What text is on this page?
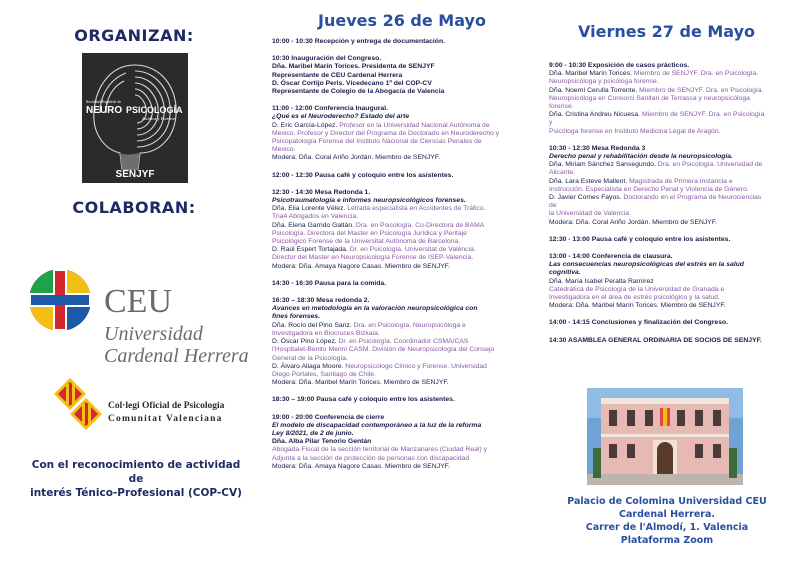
ORGANIZAN:
Sociedad Española de
NEURO PSICOLOGÍA
Jurídica y Forense
SENJYF
COLABORAN:
CEU
Universidad
Cardenal Herrera
Col·legi Oficial de Psicologia
Comunitat Valenciana
Con el reconocimiento de actividad de
interés Ténico-Profesional (COP-CV)
Jueves 26 de Mayo
10:00 - 10:30 Recepción y entrega de documentación.
10:30 Inauguración del Congreso.
Dña. Maribel Marín Torices. Presidenta de SENJYF
Representante de CEU Cardenal Herrera
D. Óscar Cortijo Peris. Vicedecano 1º del COP-CV
Representante de Colegio de la Abogacía de Valencia
11:00 - 12:00 Conferencia Inaugural.
¿Qué es el Neuroderecho? Estado del arte
D. Eric García-López. Profesor en la Universidad Nacional Autónoma de
México. Profesor y Director del Programa de Doctorado en Neuroderecho y
Psicopatología Forense del Instituto Nacional de Ciencias Penales de
México.
Modera: Dña. Coral Ariño Jordán. Miembro de SENJYF.
12:00 - 12:30 Pausa café y coloquio entre los asistentes.
12:30 - 14:30 Mesa Redonda 1.
Psicotraumatología e informes neuropsicológicos forenses.
Dña. Elia Lorente Vélez. Letrada especialista en Accidentes de Tráfico.
Tria4 Abogados en Valencia.
Dña. Elena Garrido Galtán. Dra. en Psicología. Co-Directora de BAMA
Psicología. Directora del Master en Psicología Jurídica y Peritaje
Psicológico Forense de la Universitat Autònoma de Barcelona.
D. Raúl Espert Tortajada. Dr. en Psicología. Universitat de València.
Director del Master en Neuropsicología Forense de ISEP-Valencia.
Modera: Dña. Amaya Nagore Casas. Miembro de SENJYF.
14:30 - 16:30 Pausa para la comida.
16:30 – 18:30 Mesa redonda 2.
Avances en metodología en la valoración neuropsicológica con
fines forenses.
Dña. Rocío del Pino Sanz. Dra. en Psicología. Neuropsicóloga e
Investigadora en Biocruces Bizkaia.
D. Óscar Pino López. Dr. en Psicología. Coordinador CSMA/CAS
l'Hospitalet-Benito Menni CASM. División de Neuropsicología del Consejo
General de la Psicología.
D. Álvaro Aliaga Moore. Neuropsicólogo Clínico y Forense. Universidad
Diego Portales, Santiago de Chile.
Modera: Dña. Maribel Marín Torices. Miembro de SENJYF.
18:30 – 19:00 Pausa café y coloquio entre los asistentes.
19:00 - 20:00 Conferencia de cierre
El modelo de discapacidad contemporáneo a la luz de la reforma
Ley 8/2021, de 2 de junio.
Dña. Alba Pilar Tenorio Gentán
Abogada-Fiscal de la sección territorial de Manzanares (Ciudad Real) y
Adjunta a la sección de protección de personas con discapacidad
Modera: Dña. Amaya Nagore Casas. Miembro de SENJYF.
Viernes 27 de Mayo
9:00 - 10:30 Exposición de casos prácticos.
Dña. Maribel Marín Torices. Miembro de SENJYF. Dra. en Psicología.
Neuropsicóloga y psicóloga forense.
Dña. Noemí Cerulla Torrente. Miembro de SENJYF. Dra. en Psicología.
Neuropsicóloga en Consorci Sanitari de Terrassa y neuropsicóloga
forense.
Dña. Cristina Andreu Nicuesa. Miembro de SENJYF. Dra. en Psicología y
Psicóloga forense en Instituto Medicina Legal de Aragón.
10:30 - 12:30 Mesa Redonda 3
Derecho penal y rehabilitación desde la neuropsicología.
Dña. Miriam Sánchez Sansegundo. Dra. en Psicología. Universidad de
Alicante.
Dña. Lara Esteve Mallent. Magistrada de Primera Instancia e
Instrucción. Especialista en Derecho Penal y Violencia de Género.
D. Javier Comes Fayos. Doctorando en el Programa de Neurociencias de
la Universidad de Valencia.
Modera: Dña. Coral Ariño Jordán. Miembro de SENJYF.
12:30 - 13:00 Pausa café y coloquio entre los asistentes.
13:00 - 14:00 Conferencia de clausura.
Las consecuencias neuropsicológicas del estrés en la salud
cognitiva.
Dña. María Isabel Peralta Ramírez
Catedrática de Psicología de la Universidad de Granada e
Investigadora en el área de estrés psicológico y la salud.
Modera: Dña. Maribel Marín Torices. Miembro de SENJYF.
14:00 - 14:15 Conclusiones y finalización del Congreso.
14:30 ASAMBLEA GENERAL ORDINARIA DE SOCIOS DE SENJYF.
Palacio de Colomina Universidad CEU
Cardenal Herrera.
Carrer de l'Almodí, 1. Valencia
Plataforma Zoom
